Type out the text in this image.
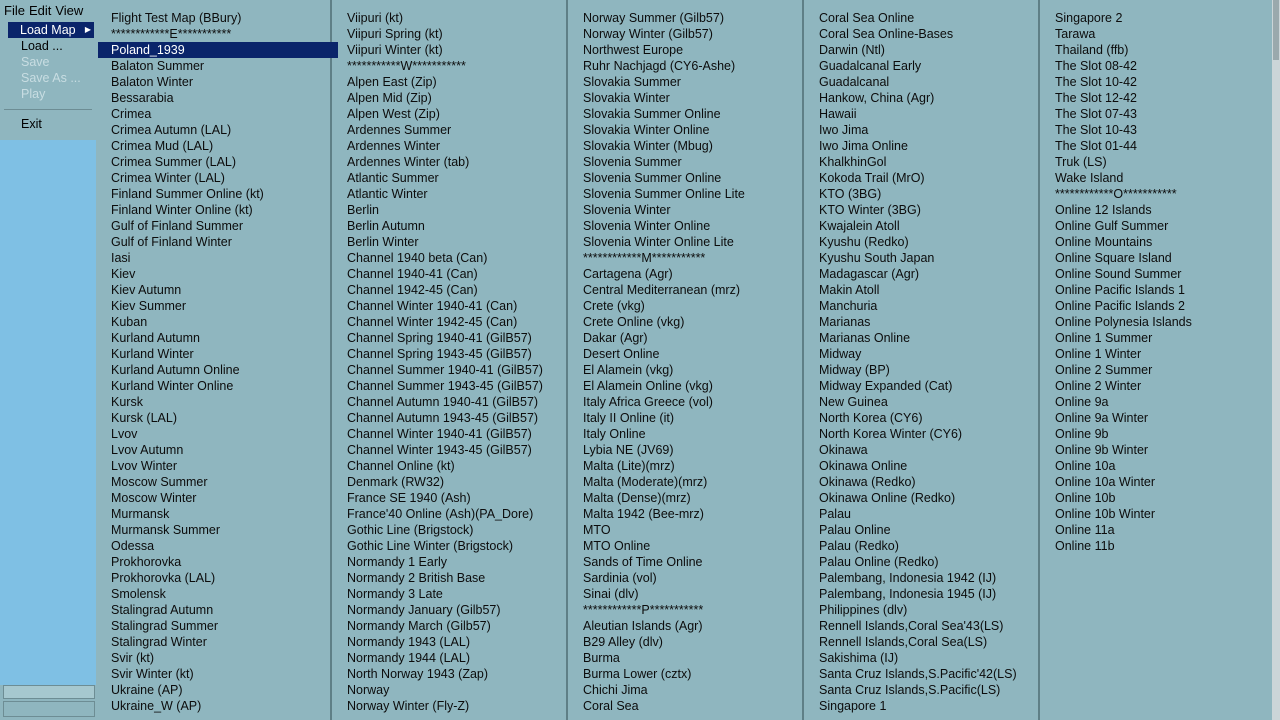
File Edit View
Load Map ▶
Load ...
Save
Save As ...
Play
Exit
Flight Test Map (BBury)
************E***********
Poland_1939
Balaton Summer
Balaton Winter
Bessarabia
Crimea
Crimea Autumn (LAL)
Crimea Mud (LAL)
Crimea Summer (LAL)
Crimea Winter (LAL)
Finland Summer Online (kt)
Finland Winter Online (kt)
Gulf of Finland Summer
Gulf of Finland Winter
Iasi
Kiev
Kiev Autumn
Kiev Summer
Kuban
Kurland Autumn
Kurland Winter
Kurland Autumn Online
Kurland Winter Online
Kursk
Kursk (LAL)
Lvov
Lvov Autumn
Lvov Winter
Moscow Summer
Moscow Winter
Murmansk
Murmansk Summer
Odessa
Prokhorovka
Prokhorovka (LAL)
Smolensk
Stalingrad Autumn
Stalingrad Summer
Stalingrad Winter
Svir (kt)
Svir Winter (kt)
Ukraine (AP)
Ukraine_W (AP)
Viipuri (kt)
Viipuri Spring (kt)
Viipuri Winter (kt)
***********W***********
Alpen East (Zip)
Alpen Mid (Zip)
Alpen West (Zip)
Ardennes Summer
Ardennes Winter
Ardennes Winter (tab)
Atlantic Summer
Atlantic Winter
Berlin
Berlin Autumn
Berlin Winter
Channel 1940 beta (Can)
Channel 1940-41 (Can)
Channel 1942-45 (Can)
Channel Winter 1940-41 (Can)
Channel Winter 1942-45 (Can)
Channel Spring 1940-41 (GilB57)
Channel Spring 1943-45 (GilB57)
Channel Summer 1940-41 (GilB57)
Channel Summer 1943-45 (GilB57)
Channel Autumn 1940-41 (GilB57)
Channel Autumn 1943-45 (GilB57)
Channel Winter 1940-41 (GilB57)
Channel Winter 1943-45 (GilB57)
Channel Online (kt)
Denmark (RW32)
France SE 1940 (Ash)
France'40 Online (Ash)(PA_Dore)
Gothic Line (Brigstock)
Gothic Line Winter (Brigstock)
Normandy 1 Early
Normandy 2 British Base
Normandy 3 Late
Normandy January (Gilb57)
Normandy March (Gilb57)
Normandy 1943 (LAL)
Normandy 1944 (LAL)
North Norway 1943 (Zap)
Norway
Norway Winter (Fly-Z)
Norway Summer (Gilb57)
Norway Winter (Gilb57)
Northwest Europe
Ruhr Nachjagd (CY6-Ashe)
Slovakia Summer
Slovakia Winter
Slovakia Summer Online
Slovakia Winter Online
Slovakia Winter (Mbug)
Slovenia Summer
Slovenia Summer Online
Slovenia Summer Online Lite
Slovenia Winter
Slovenia Winter Online
Slovenia Winter Online Lite
************M***********
Cartagena (Agr)
Central Mediterranean (mrz)
Crete (vkg)
Crete Online (vkg)
Dakar (Agr)
Desert Online
El Alamein (vkg)
El Alamein Online (vkg)
Italy Africa Greece (vol)
Italy II Online (it)
Italy Online
Lybia NE (JV69)
Malta (Lite)(mrz)
Malta (Moderate)(mrz)
Malta (Dense)(mrz)
Malta 1942 (Bee-mrz)
MTO
MTO Online
Sands of Time Online
Sardinia (vol)
Sinai (dlv)
************P***********
Aleutian Islands (Agr)
B29 Alley (dlv)
Burma
Burma Lower (cztx)
Chichi Jima
Coral Sea
Coral Sea Online
Coral Sea Online-Bases
Darwin (Ntl)
Guadalcanal Early
Guadalcanal
Hankow, China (Agr)
Hawaii
Iwo Jima
Iwo Jima Online
KhalkhinGol
Kokoda Trail (MrO)
KTO (3BG)
KTO Winter (3BG)
Kwajalein Atoll
Kyushu (Redko)
Kyushu South Japan
Madagascar (Agr)
Makin Atoll
Manchuria
Marianas
Marianas Online
Midway
Midway (BP)
Midway Expanded (Cat)
New Guinea
North Korea (CY6)
North Korea Winter (CY6)
Okinawa
Okinawa Online
Okinawa (Redko)
Okinawa Online (Redko)
Palau
Palau Online
Palau (Redko)
Palau Online (Redko)
Palembang, Indonesia 1942 (IJ)
Palembang, Indonesia 1945 (IJ)
Philippines (dlv)
Rennell Islands,Coral Sea'43(LS)
Rennell Islands,Coral Sea(LS)
Sakishima (IJ)
Santa Cruz Islands,S.Pacific'42(LS)
Santa Cruz Islands,S.Pacific(LS)
Singapore 1
Singapore 2
Tarawa
Thailand (ffb)
The Slot 08-42
The Slot 10-42
The Slot 12-42
The Slot 07-43
The Slot 10-43
The Slot 01-44
Truk (LS)
Wake Island
************O***********
Online 12 Islands
Online Gulf Summer
Online Mountains
Online Square Island
Online Sound Summer
Online Pacific Islands 1
Online Pacific Islands 2
Online Polynesia Islands
Online 1 Summer
Online 1 Winter
Online 2 Summer
Online 2 Winter
Online 9a
Online 9a Winter
Online 9b
Online 9b Winter
Online 10a
Online 10a Winter
Online 10b
Online 10b Winter
Online 11a
Online 11b
